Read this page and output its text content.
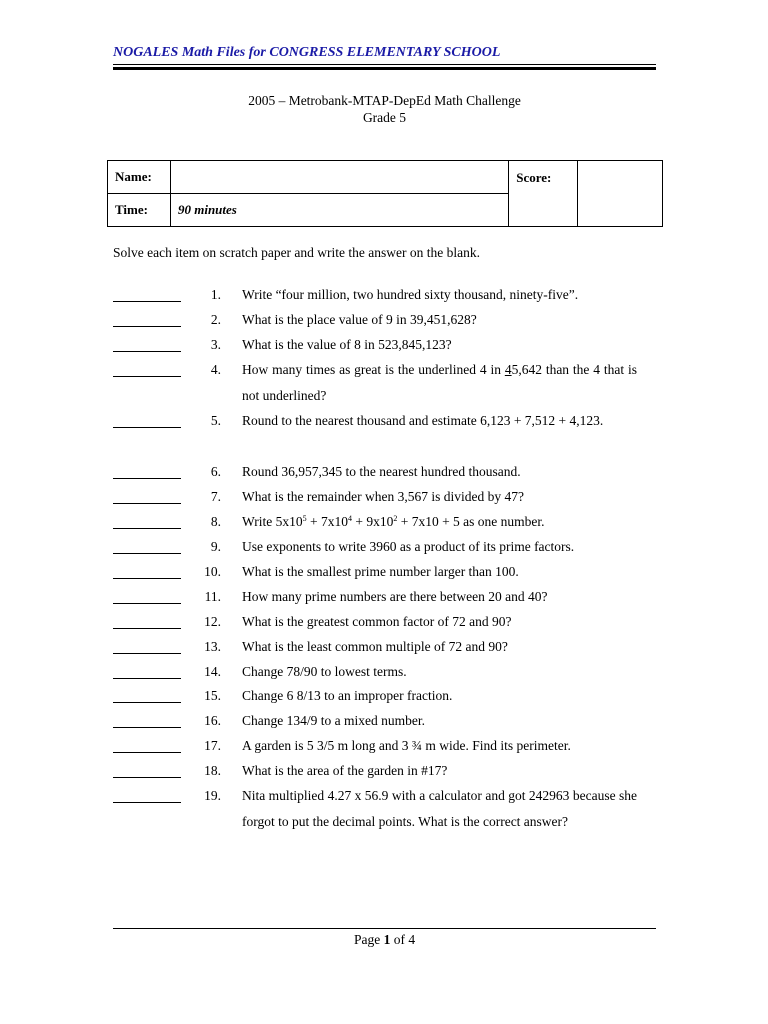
NOGALES Math Files for CONGRESS ELEMENTARY SCHOOL
2005 – Metrobank-MTAP-DepEd Math Challenge
Grade 5
Name:		Score:	
Time:	90 minutes		
Solve each item on scratch paper and write the answer on the blank.
1. Write “four million, two hundred sixty thousand, ninety-five”.
2. What is the place value of 9 in 39,451,628?
3. What is the value of 8 in 523,845,123?
4. How many times as great is the underlined 4 in 45,642 than the 4 that is not underlined?
5. Round to the nearest thousand and estimate 6,123 + 7,512 + 4,123.
6. Round 36,957,345 to the nearest hundred thousand.
7. What is the remainder when 3,567 is divided by 47?
8. Write $5x10^5 + 7x10^4 + 9x10^2 + 7x10 + 5$ as one number.
9. Use exponents to write 3960 as a product of its prime factors.
10. What is the smallest prime number larger than 100.
11. How many prime numbers are there between 20 and 40?
12. What is the greatest common factor of 72 and 90?
13. What is the least common multiple of 72 and 90?
14. Change 78/90 to lowest terms.
15. Change 6 8/13 to an improper fraction.
16. Change 134/9 to a mixed number.
17. A garden is 5 3/5 m long and 3 ¾ m wide. Find its perimeter.
18. What is the area of the garden in #17?
19. Nita multiplied 4.27 x 56.9 with a calculator and got 242963 because she forgot to put the decimal points. What is the correct answer?
Page 1 of 4
